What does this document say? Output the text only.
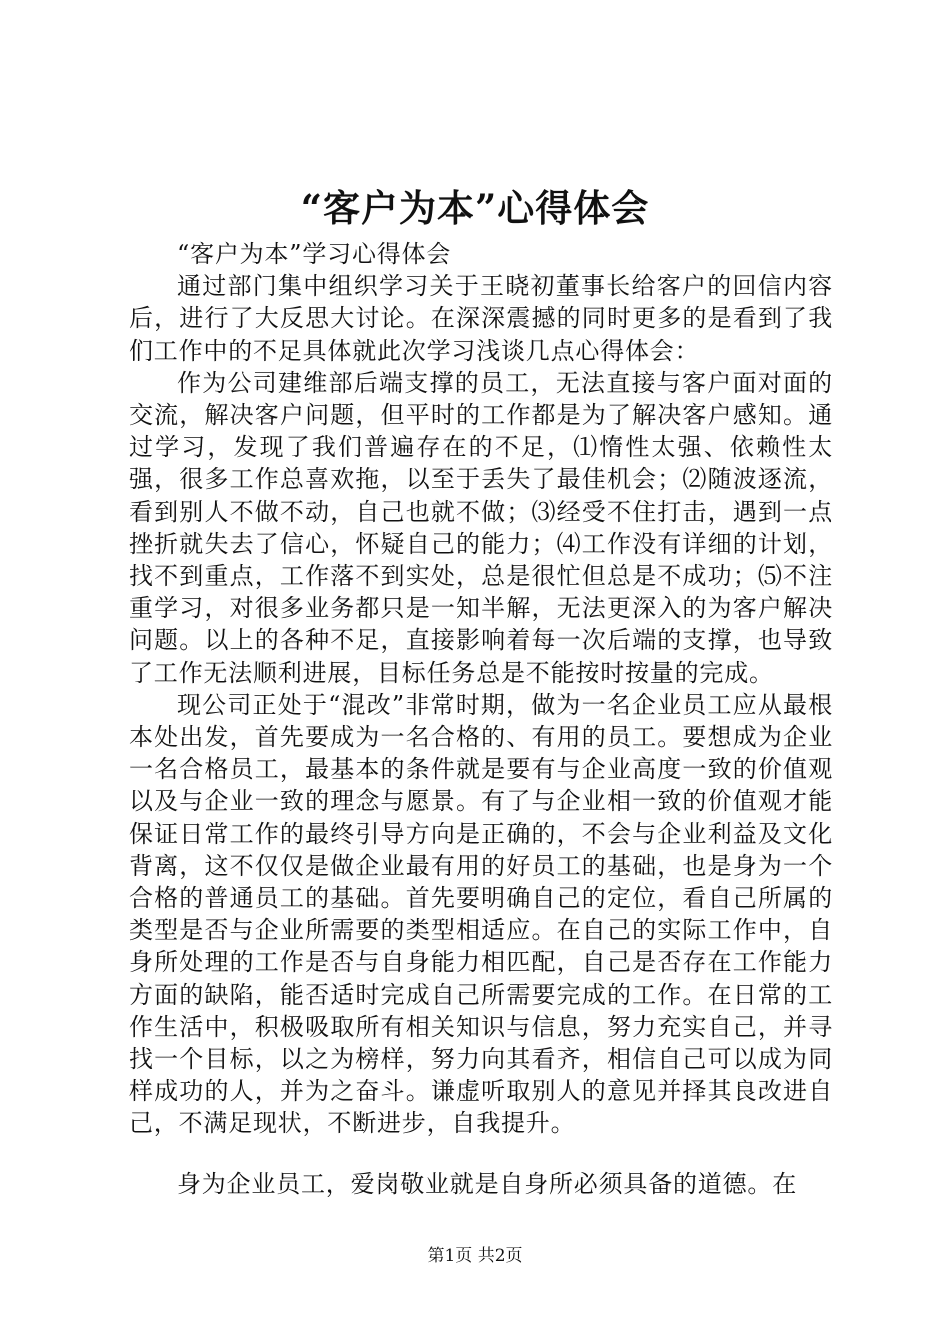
“客户为本”心得体会

“客户为本”学习心得体会

通过部门集中组织学习关于王晓初董事长给客户的回信内容后，进行了大反思大讨论。在深深震撼的同时更多的是看到了我们工作中的不足具体就此次学习浅谈几点心得体会：

作为公司建维部后端支撑的员工，无法直接与客户面对面的交流，解决客户问题，但平时的工作都是为了解决客户感知。通过学习，发现了我们普遍存在的不足，⑴惰性太强、依赖性太强，很多工作总喜欢拖，以至于丢失了最佳机会；⑵随波逐流，看到别人不做不动，自己也就不做；⑶经受不住打击，遇到一点挫折就失去了信心，怀疑自己的能力；⑷工作没有详细的计划，找不到重点，工作落不到实处，总是很忙但总是不成功；⑸不注重学习，对很多业务都只是一知半解，无法更深入的为客户解决问题。以上的各种不足，直接影响着每一次后端的支撑，也导致了工作无法顺利进展，目标任务总是不能按时按量的完成。

现公司正处于“混改”非常时期，做为一名企业员工应从最根本处出发，首先要成为一名合格的、有用的员工。要想成为企业一名合格员工，最基本的条件就是要有与企业高度一致的价值观以及与企业一致的理念与愿景。有了与企业相一致的价值观才能保证日常工作的最终引导方向是正确的，不会与企业利益及文化背离，这不仅仅是做企业最有用的好员工的基础，也是身为一个合格的普通员工的基础。首先要明确自己的定位，看自己所属的类型是否与企业所需要的类型相适应。在自己的实际工作中，自身所处理的工作是否与自身能力相匹配，自己是否存在工作能力方面的缺陷，能否适时完成自己所需要完成的工作。在日常的工作生活中，积极吸取所有相关知识与信息，努力充实自己，并寻找一个目标，以之为榜样，努力向其看齐，相信自己可以成为同样成功的人，并为之奋斗。谦虚听取别人的意见并择其良改进自己，不满足现状，不断进步，自我提升。

身为企业员工，爱岗敬业就是自身所必须具备的道德。在

第1页 共2页
